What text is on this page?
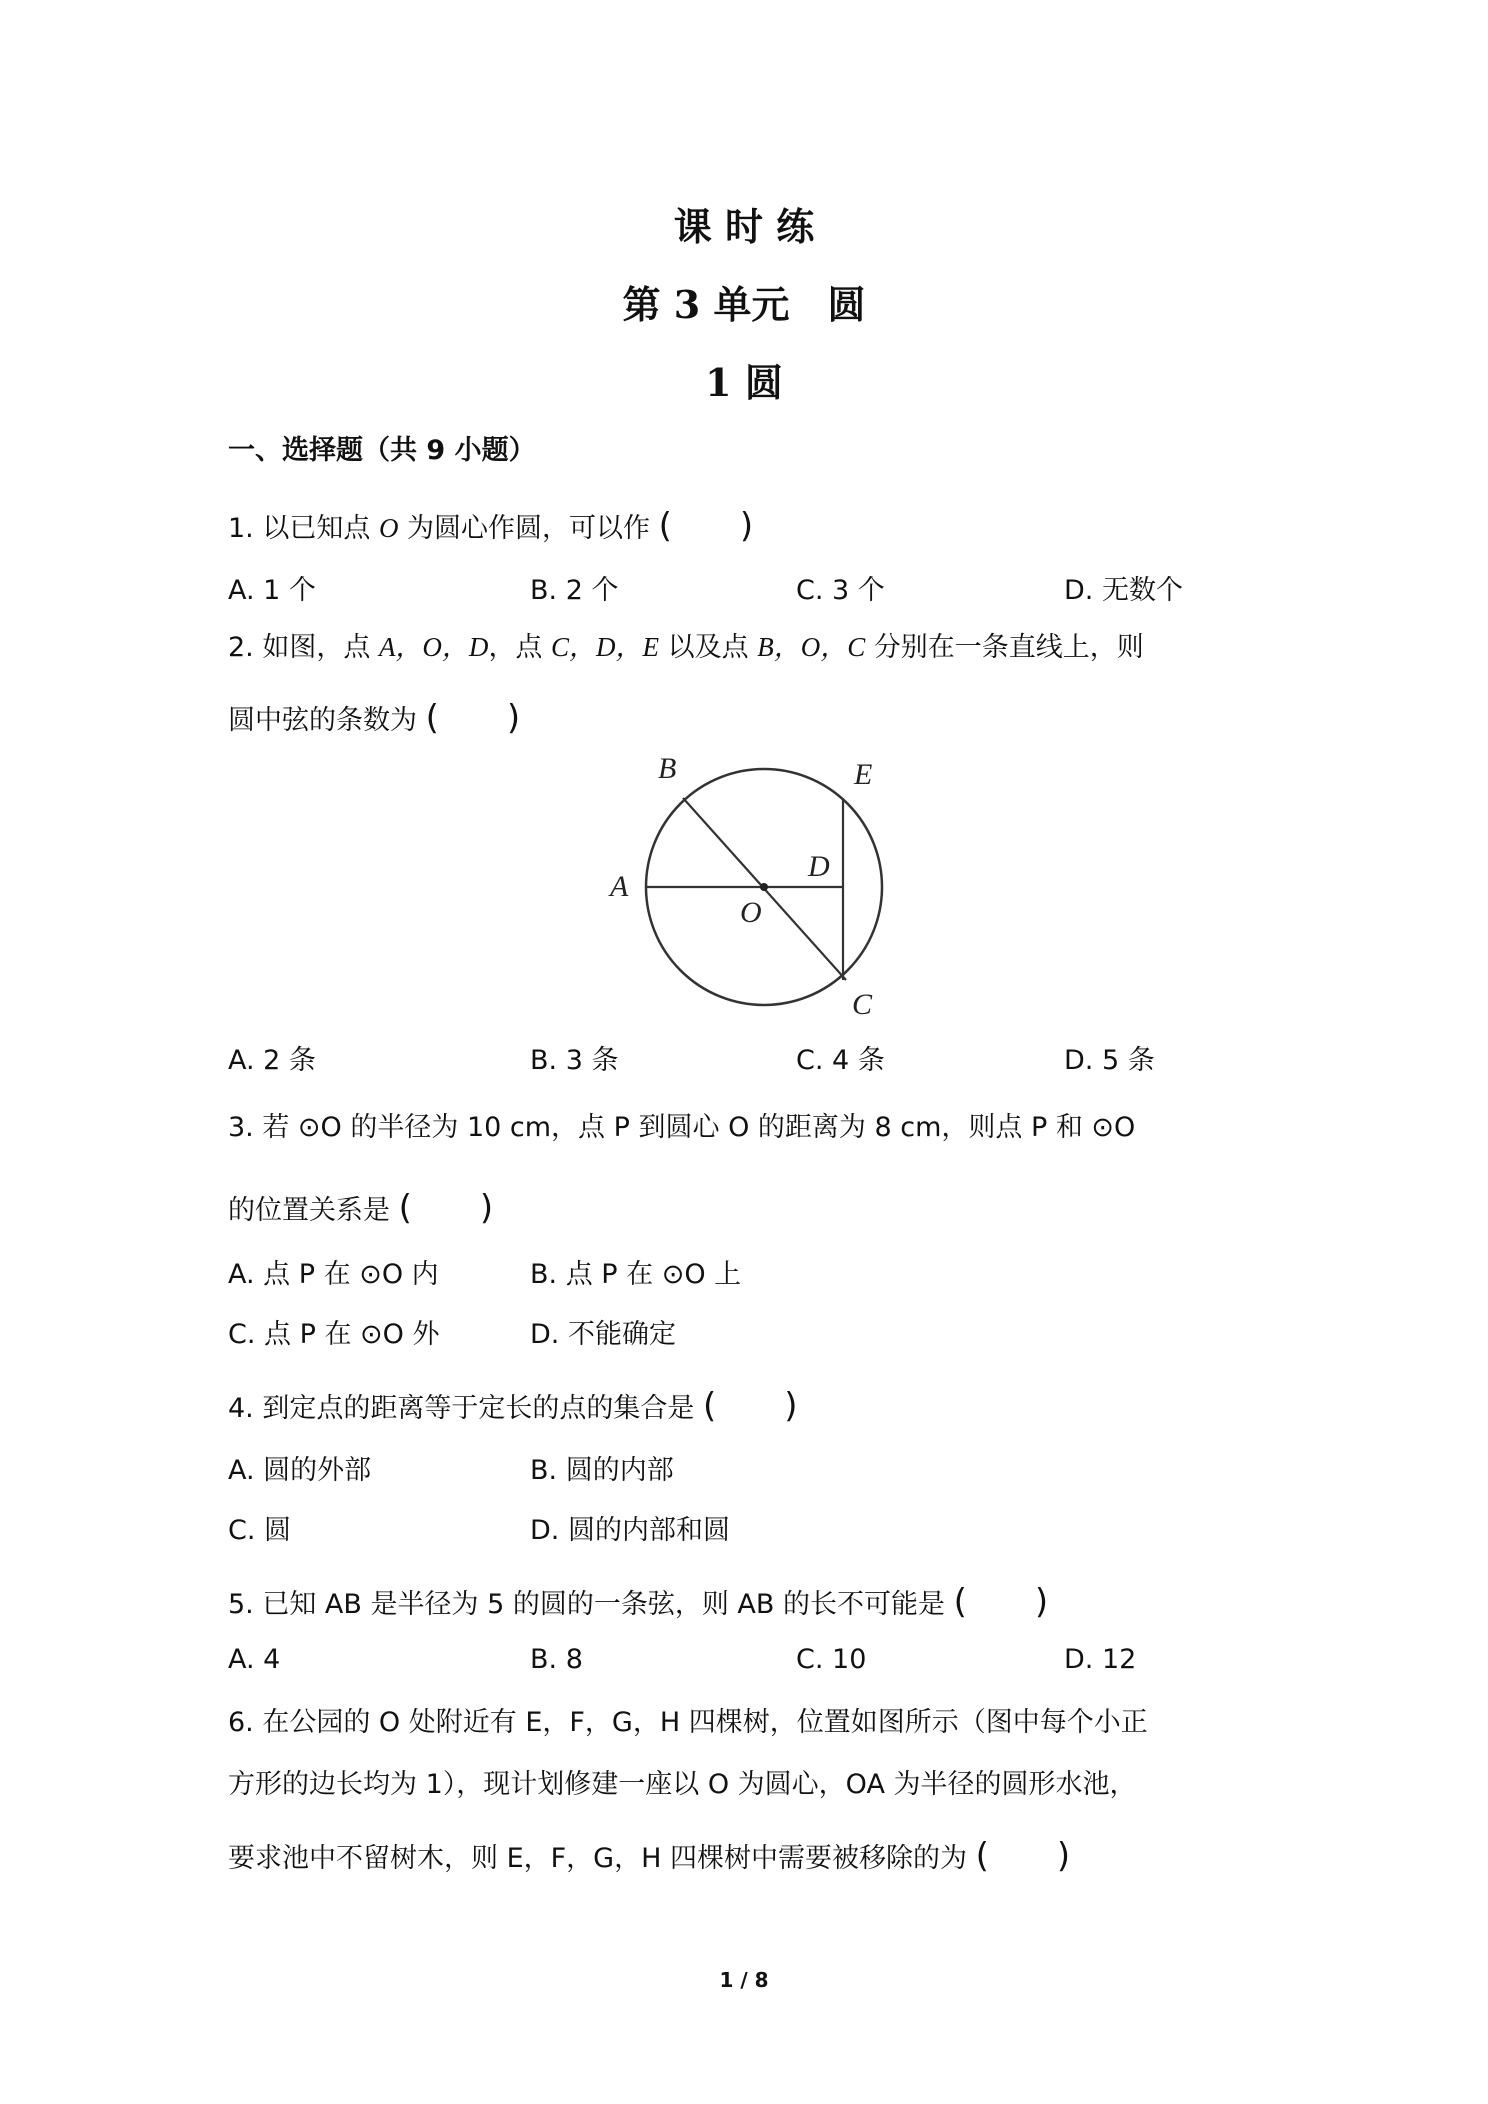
课 时 练
第 3 单元　圆
1 圆
一、选择题（共 9 小题）
1. 以已知点 O 为圆心作圆，可以作 (　　)
A. 1 个	B. 2 个	C. 3 个	D. 无数个
2. 如图，点 A，O，D，点 C，D，E 以及点 B，O，C 分别在一条直线上，则
圆中弦的条数为 (　　)
A
B
C
D
E
O
A. 2 条	B. 3 条	C. 4 条	D. 5 条
3. 若 ⊙O 的半径为 10 cm，点 P 到圆心 O 的距离为 8 cm，则点 P 和 ⊙O
的位置关系是 (　　)
A. 点 P 在 ⊙O 内	B. 点 P 在 ⊙O 上
C. 点 P 在 ⊙O 外	D. 不能确定
4. 到定点的距离等于定长的点的集合是 (　　)
A. 圆的外部	B. 圆的内部
C. 圆	D. 圆的内部和圆
5. 已知 AB 是半径为 5 的圆的一条弦，则 AB 的长不可能是 (　　)
A. 4	B. 8	C. 10	D. 12
6. 在公园的 O 处附近有 E，F，G，H 四棵树，位置如图所示（图中每个小正
方形的边长均为 1），现计划修建一座以 O 为圆心，OA 为半径的圆形水池，
要求池中不留树木，则 E，F，G，H 四棵树中需要被移除的为 (　　)
1 / 8
